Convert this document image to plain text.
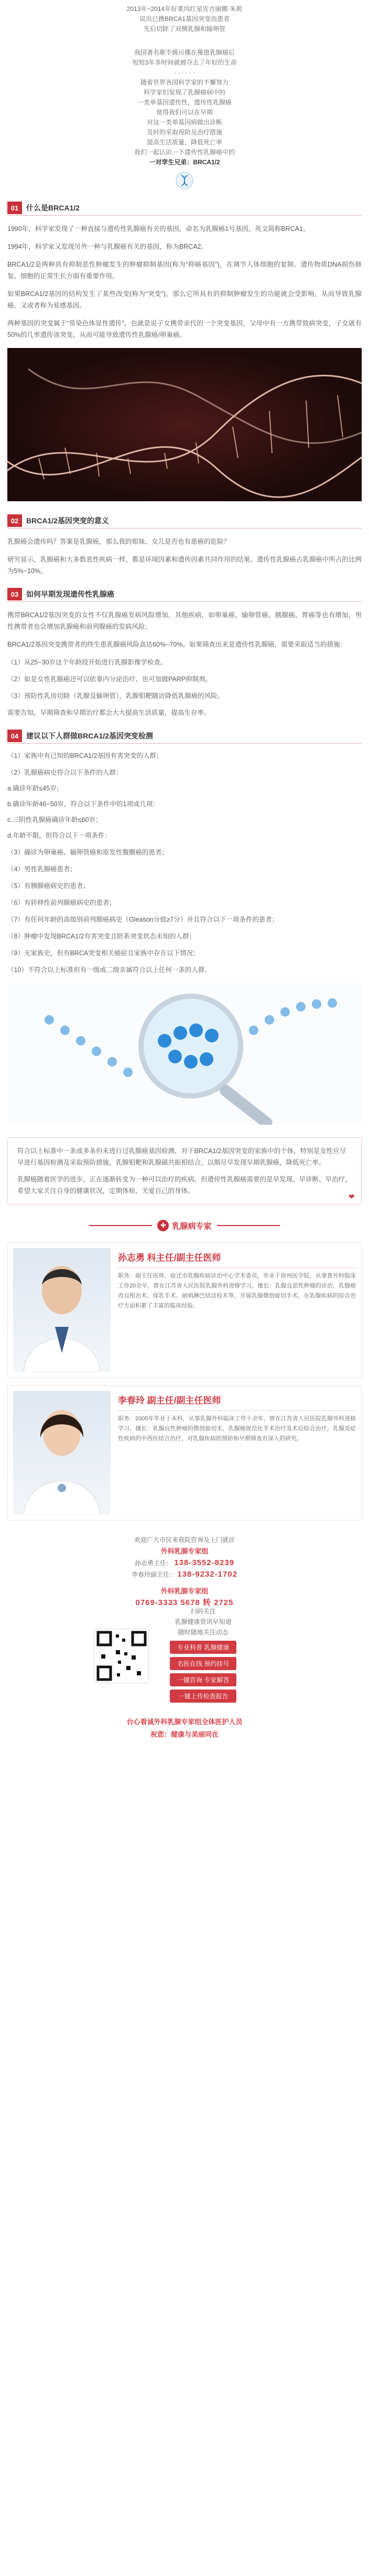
2013年~2014年好莱坞红星安吉丽娜·朱莉
说出已携BRCA1基因突变而患者
先后切除了双侧乳腺和输卵管
我国著名歌手姚贝娜在罹患乳腺癌后
短短3年多时间就被夺去了年轻的生命
· · · · · ·
随着世界各国科学家的不懈努力
科学家们发现了乳腺癌病中的
一类单基因遗传性，遗传性乳腺癌
使得我们可以在早期
对这一类单基因病做出诊断
及时的采取预防及治疗措施
提高生活质量，降低死亡率
我们一起认识一下遗传性乳腺癌中的
一对孪生兄弟：BRCA1/2
01	什么是BRCA1/2

1990年，科学家发现了一种直接与遗传性乳腺癌有关的基因，命名为乳腺癌1号基因，英文简称BRCA1。

1994年，科学家又发现另外一种与乳腺癌有关的基因，称为BRCA2。

BRCA1/2是两种具有抑制恶性肿瘤发生的肿瘤抑制基因(称为“抑癌基因”)，在调节人体细胞的复制、遗传物质DNA损伤修复、细胞的正常生长方面有重要作用。

如果BRCA1/2基因的结构发生了某些改变(称为“突变”)，那么它所具有的抑制肿瘤发生的功能就会受影响，从而导致乳腺癌。又或者称为易感基因。

两种基因的突变属于“常染色体显性遗传”，也就是说子女携带亲代的一个突变基因，父母中有一方携带致病突变，子女就有50%的几率遗传该突变，从而可能导致遗传性乳腺癌/卵巢癌。

02	BRCA1/2基因突变的意义

乳腺癌会遗传吗？答案是乳腺癌，那么我的姐妹、女儿是否也有患癌的危险？

研究显示，乳腺癌和大多数恶性疾病一样，都是环境因素和遗传因素共同作用的结果。遗传性乳腺癌占乳腺癌中所占的比例为5%~10%。

03	如何早期发现遗传性乳腺癌

携带BRCA1/2基因突变的女性不仅乳腺癌发病风险增加，其他疾病，如卵巢癌、输卵管癌、胰腺癌、胃癌等也有增加，男性携带者也会增加乳腺癌和前列腺癌的发病风险。

BRCA1/2基因突变携带者的终生患乳腺癌风险高达60%~70%。如果筛查出来是遗传性乳腺癌，需要采取适当的措施：

（1）从25~30岁这个年龄段开始进行乳腺影像学检查。

（2）如是女性乳腺癌还可以依靠内分泌治疗，也可加做PARP抑制剂。

（3）预防性乳房切除（乳腺及输卵管），乳腺钼靶随访降低乳腺癌的风险。

需要告知，早期筛查和早期治疗都会大大提高生活质量，提高生存率。

04	建议以下人群做BRCA1/2基因突变检测

（1）家族中有已知的BRCA1/2基因有害突变的人群；

（2）乳腺癌病史符合以下条件的人群：

a.确诊年龄≤45岁；

b.确诊年龄46~50岁，符合以下条件中的1项或几项：

c.三阴性乳腺癌确诊年龄≤60岁；

d.年龄不限，但符合以下一项条件：

（3）确诊为卵巢癌、输卵管癌和原发性腹膜癌的患者；

（4）男性乳腺癌患者；

（5）有胰腺癌病史的患者；

（6）有转移性前列腺癌病史的患者；

（7）有任何年龄的高级别前列腺癌病史（Gleason分值≥7分）并且符合以下一项条件的患者；

（8）肿瘤中发现BRCA1/2有害突变且胚系突变状态未知的人群；

（9）无家族史，但有BRCA突变相关癌症且家族中存在以下情况；

（10）不符合以上标准但有一级或二级亲属符合以上任何一条的人群。

符合以上标准中一条或多条但未进行过乳腺癌基因检测，对于BRCA1/2基因突变的家族中的个体，特别是女性应尽早进行基因检测及采取预防措施，乳腺钼靶和乳腺磁共振相结合，以期尽早发现早期乳腺癌，降低死亡率。

乳腺癌随着医学的进步，正在逐渐转变为一种可以治疗的疾病，但遗传性乳腺癌需要的是早发现、早诊断、早治疗，希望大家关注自身的健康状况，定期体检，关爱自己的身体。

❤
✚ 乳腺病专家
孙志勇 科主任/副主任医师
职务：副主任医师，宿迁市乳腺疾病诊治中心学术委员，毕业于徐州医学院，从事普外科临床工作20余年，曾在江苏省人民医院乳腺外科进修学习。擅长：乳腺良恶性肿瘤的诊治，乳腺癌改良根治术、保乳手术、前哨淋巴结活检术等，开展乳腺微创旋切手术，在乳腺疾病的综合治疗方面积累了丰富的临床经验。
李春玲 副主任/副主任医师
职务：2005年毕业于本科，从事乳腺外科临床工作十余年，曾在江苏省人民医院乳腺外科进修学习。擅长：乳腺良性肿瘤的微创旋切术，乳腺癌规范化手术治疗及术后综合治疗，乳腺炎症性疾病的中西医结合治疗，对乳腺疾病的预防和早期筛查有深入的研究。
欢迎广大市民来我院咨询及上门就诊
外科乳腺专家组
孙志勇主任： 138-3552-8239
李春玲副主任： 138-9232-1702
外科乳腺专家组
0769-3333 5678 转 2725
扫码关注
乳腺健康资讯早知道
随时随地关注动态
专业科普 乳腺健康
名医在线 预约挂号
一键咨询 专家解答
一键上传检查报告
台心看诚外科乳腺专家组全体医护人员
祝您：健康与美丽同在
